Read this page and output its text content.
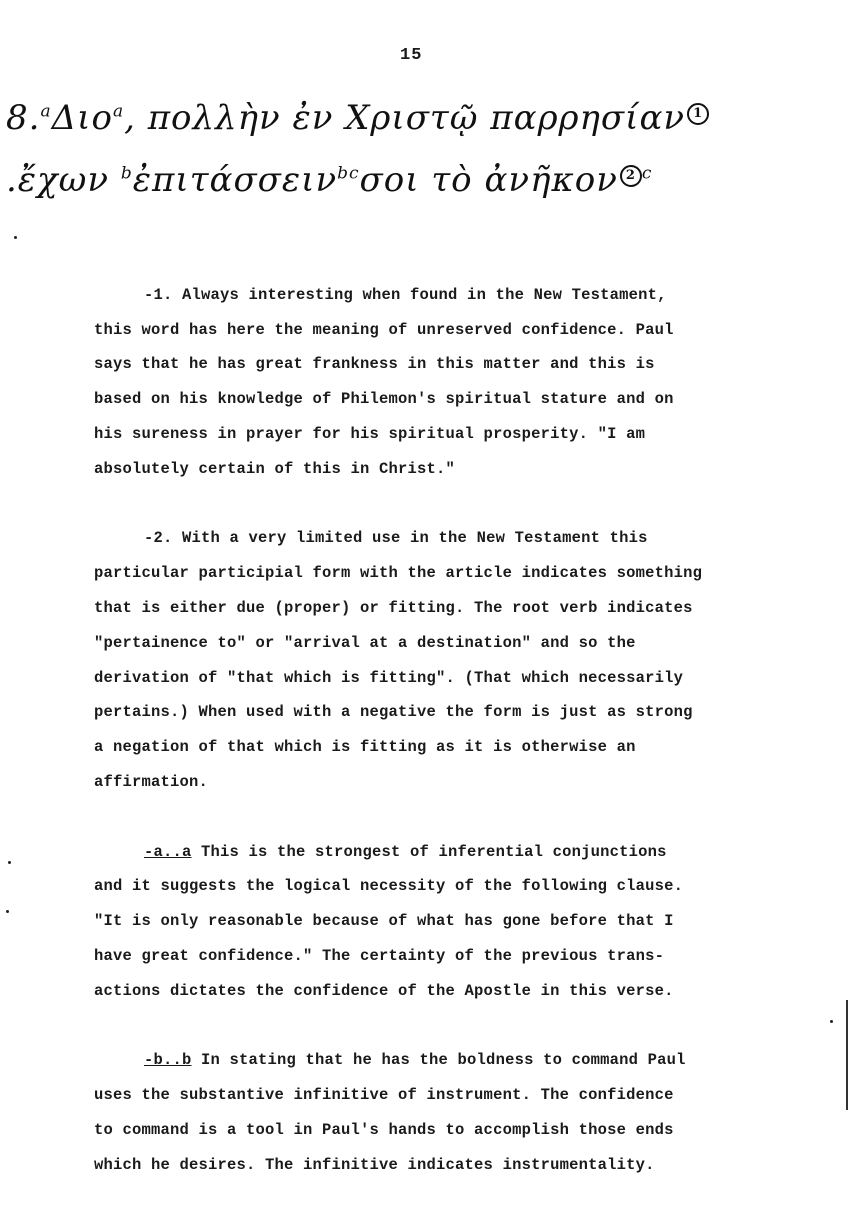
15
8.$^a$Διο$^a$, πολλὴν ἐν Χριστῷ παρρησίαν 1
.ἔχων $^b$ἐπιτάσσειν$^{bc}$σοι τὸ ἀνῆκον 2 $^c$

-1. Always interesting when found in the New Testament,
this word has here the meaning of unreserved confidence. Paul
says that he has great frankness in this matter and this is
based on his knowledge of Philemon's spiritual stature and on
his sureness in prayer for his spiritual prosperity. "I am
absolutely certain of this in Christ."

-2. With a very limited use in the New Testament this
particular participial form with the article indicates something
that is either due (proper) or fitting. The root verb indicates
"pertainence to" or "arrival at a destination" and so the
derivation of "that which is fitting". (That which necessarily
pertains.) When used with a negative the form is just as strong
a negation of that which is fitting as it is otherwise an
affirmation.

-a..a This is the strongest of inferential conjunctions
and it suggests the logical necessity of the following clause.
"It is only reasonable because of what has gone before that I
have great confidence." The certainty of the previous trans-
actions dictates the confidence of the Apostle in this verse.

-b..b In stating that he has the boldness to command Paul
uses the substantive infinitive of instrument. The confidence
to command is a tool in Paul's hands to accomplish those ends
which he desires. The infinitive indicates instrumentality.
